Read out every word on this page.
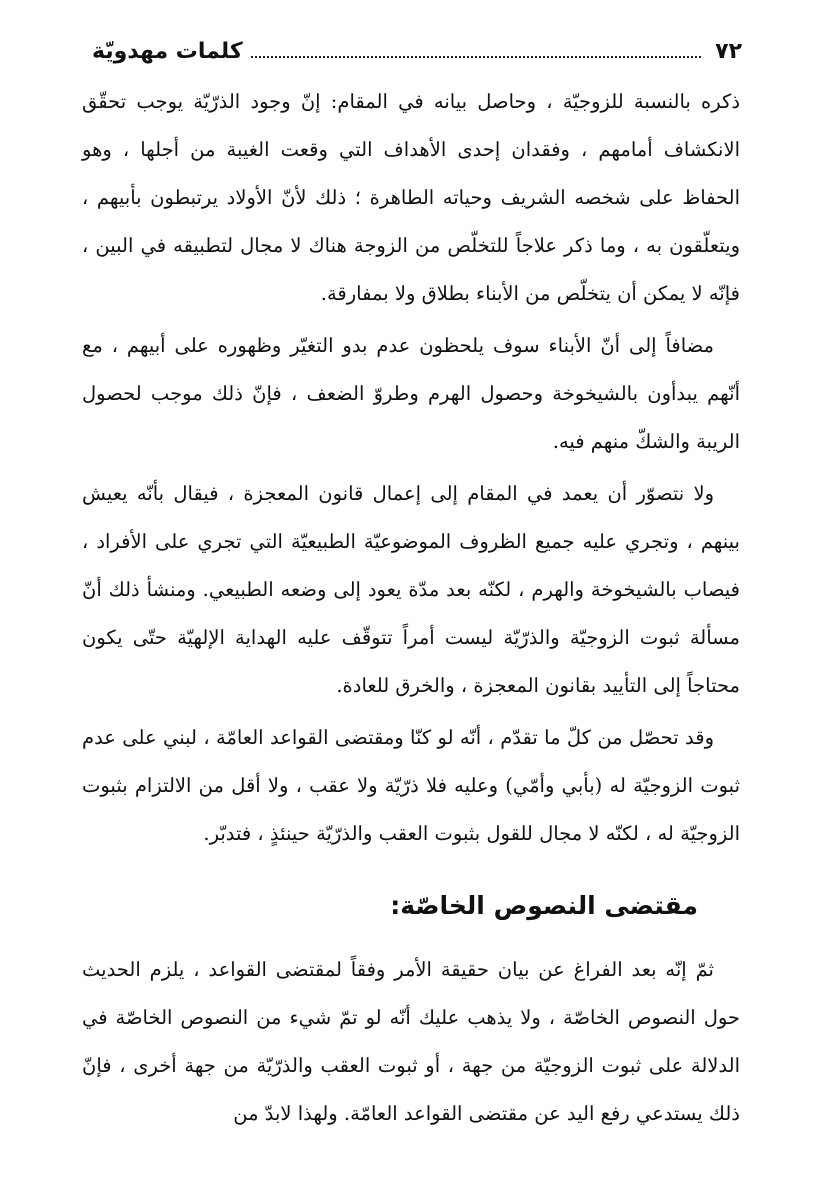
٧٢
كلمات مهدويّة

ذكره بالنسبة للزوجيّة ، وحاصل بيانه في المقام: إنّ وجود الذرّيّة يوجب تحقّق الانكشاف أمامهم ، وفقدان إحدى الأهداف التي وقعت الغيبة من أجلها ، وهو الحفاظ على شخصه الشريف وحياته الطاهرة ؛ ذلك لأنّ الأولاد يرتبطون بأبيهم ، ويتعلّقون به ، وما ذكر علاجاً للتخلّص من الزوجة هناك لا مجال لتطبيقه في البين ، فإنّه لا يمكن أن يتخلّص من الأبناء بطلاق ولا بمفارقة.

مضافاً إلى أنّ الأبناء سوف يلحظون عدم بدو التغيّر وظهوره على أبيهم ، مع أنّهم يبدأون بالشيخوخة وحصول الهرم وطروّ الضعف ، فإنّ ذلك موجب لحصول الريبة والشكّ منهم فيه.

ولا نتصوّر أن يعمد في المقام إلى إعمال قانون المعجزة ، فيقال بأنّه يعيش بينهم ، وتجري عليه جميع الظروف الموضوعيّة الطبيعيّة التي تجري على الأفراد ، فيصاب بالشيخوخة والهرم ، لكنّه بعد مدّة يعود إلى وضعه الطبيعي. ومنشأ ذلك أنّ مسألة ثبوت الزوجيّة والذرّيّة ليست أمراً تتوقّف عليه الهداية الإلهيّة حتّى يكون محتاجاً إلى التأييد بقانون المعجزة ، والخرق للعادة.

وقد تحصّل من كلّ ما تقدّم ، أنّه لو كنّا ومقتضى القواعد العامّة ، لبني على عدم ثبوت الزوجيّة له (بأبي وأمّي) وعليه فلا ذرّيّة ولا عقب ، ولا أقل من الالتزام بثبوت الزوجيّة له ، لكنّه لا مجال للقول بثبوت العقب والذرّيّة حينئذٍ ، فتدبّر.

مقتضى النصوص الخاصّة:

ثمّ إنّه بعد الفراغ عن بيان حقيقة الأمر وفقاً لمقتضى القواعد ، يلزم الحديث حول النصوص الخاصّة ، ولا يذهب عليك أنّه لو تمّ شيء من النصوص الخاصّة في الدلالة على ثبوت الزوجيّة من جهة ، أو ثبوت العقب والذرّيّة من جهة أخرى ، فإنّ ذلك يستدعي رفع اليد عن مقتضى القواعد العامّة. ولهذا لابدّ من
